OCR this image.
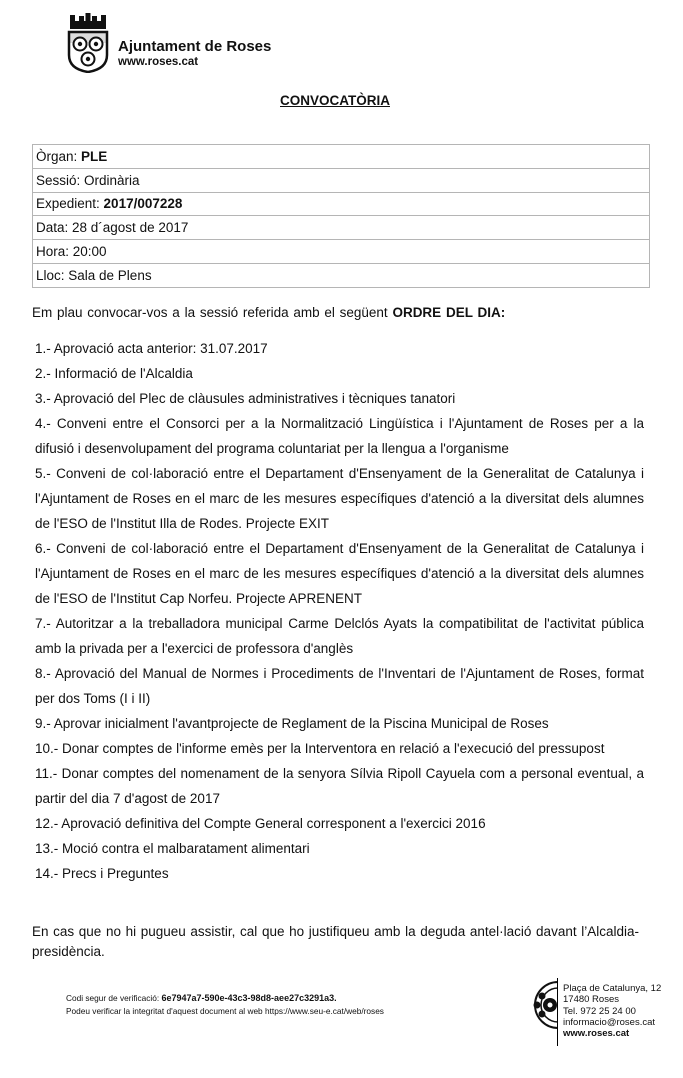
Ajuntament de Roses
www.roses.cat
CONVOCATÒRIA
Òrgan: PLE
Sessió: Ordinària
Expedient: 2017/007228
Data: 28 d´agost de 2017
Hora: 20:00
Lloc: Sala de Plens
Em plau convocar-vos a la sessió referida amb el següent ORDRE DEL DIA:
1.- Aprovació acta anterior: 31.07.2017
2.- Informació de l'Alcaldia
3.- Aprovació del Plec de clàusules administratives i tècniques tanatori
4.- Conveni entre el Consorci per a la Normalització Lingüística i l'Ajuntament de Roses per a la difusió i desenvolupament del programa coluntariat per la llengua a l'organisme
5.- Conveni de col·laboració entre el Departament d'Ensenyament de la Generalitat de Catalunya i l'Ajuntament de Roses en el marc de les mesures específiques d'atenció a la diversitat dels alumnes de l'ESO de l'Institut Illa de Rodes. Projecte EXIT
6.- Conveni de col·laboració entre el Departament d'Ensenyament de la Generalitat de Catalunya i l'Ajuntament de Roses en el marc de les mesures específiques d'atenció a la diversitat dels alumnes de l'ESO de l'Institut Cap Norfeu. Projecte APRENENT
7.- Autoritzar a la treballadora municipal Carme Delclós Ayats la compatibilitat de l'activitat pública amb la privada per a l'exercici de professora d'anglès
8.- Aprovació del Manual de Normes i Procediments de l'Inventari de l'Ajuntament de Roses, format per dos Toms (I i II)
9.- Aprovar inicialment l'avantprojecte de Reglament de la Piscina Municipal de Roses
10.- Donar comptes de l'informe emès per la Interventora en relació a l'execució del pressupost
11.- Donar comptes del nomenament de la senyora Sílvia Ripoll Cayuela com a personal eventual, a partir del dia 7 d'agost de 2017
12.- Aprovació definitiva del Compte General corresponent a l'exercici 2016
13.- Moció contra el malbaratament alimentari
14.- Precs i Preguntes
En cas que no hi pugueu assistir, cal que ho justifiqueu amb la deguda antel·lació davant l’Alcaldia-presidència.
Codi segur de verificació: 6e7947a7-590e-43c3-98d8-aee27c3291a3.
Podeu verificar la integritat d'aquest document al web https://www.seu-e.cat/web/roses
Plaça de Catalunya, 12
17480 Roses
Tel. 972 25 24 00
informacio@roses.cat
www.roses.cat
